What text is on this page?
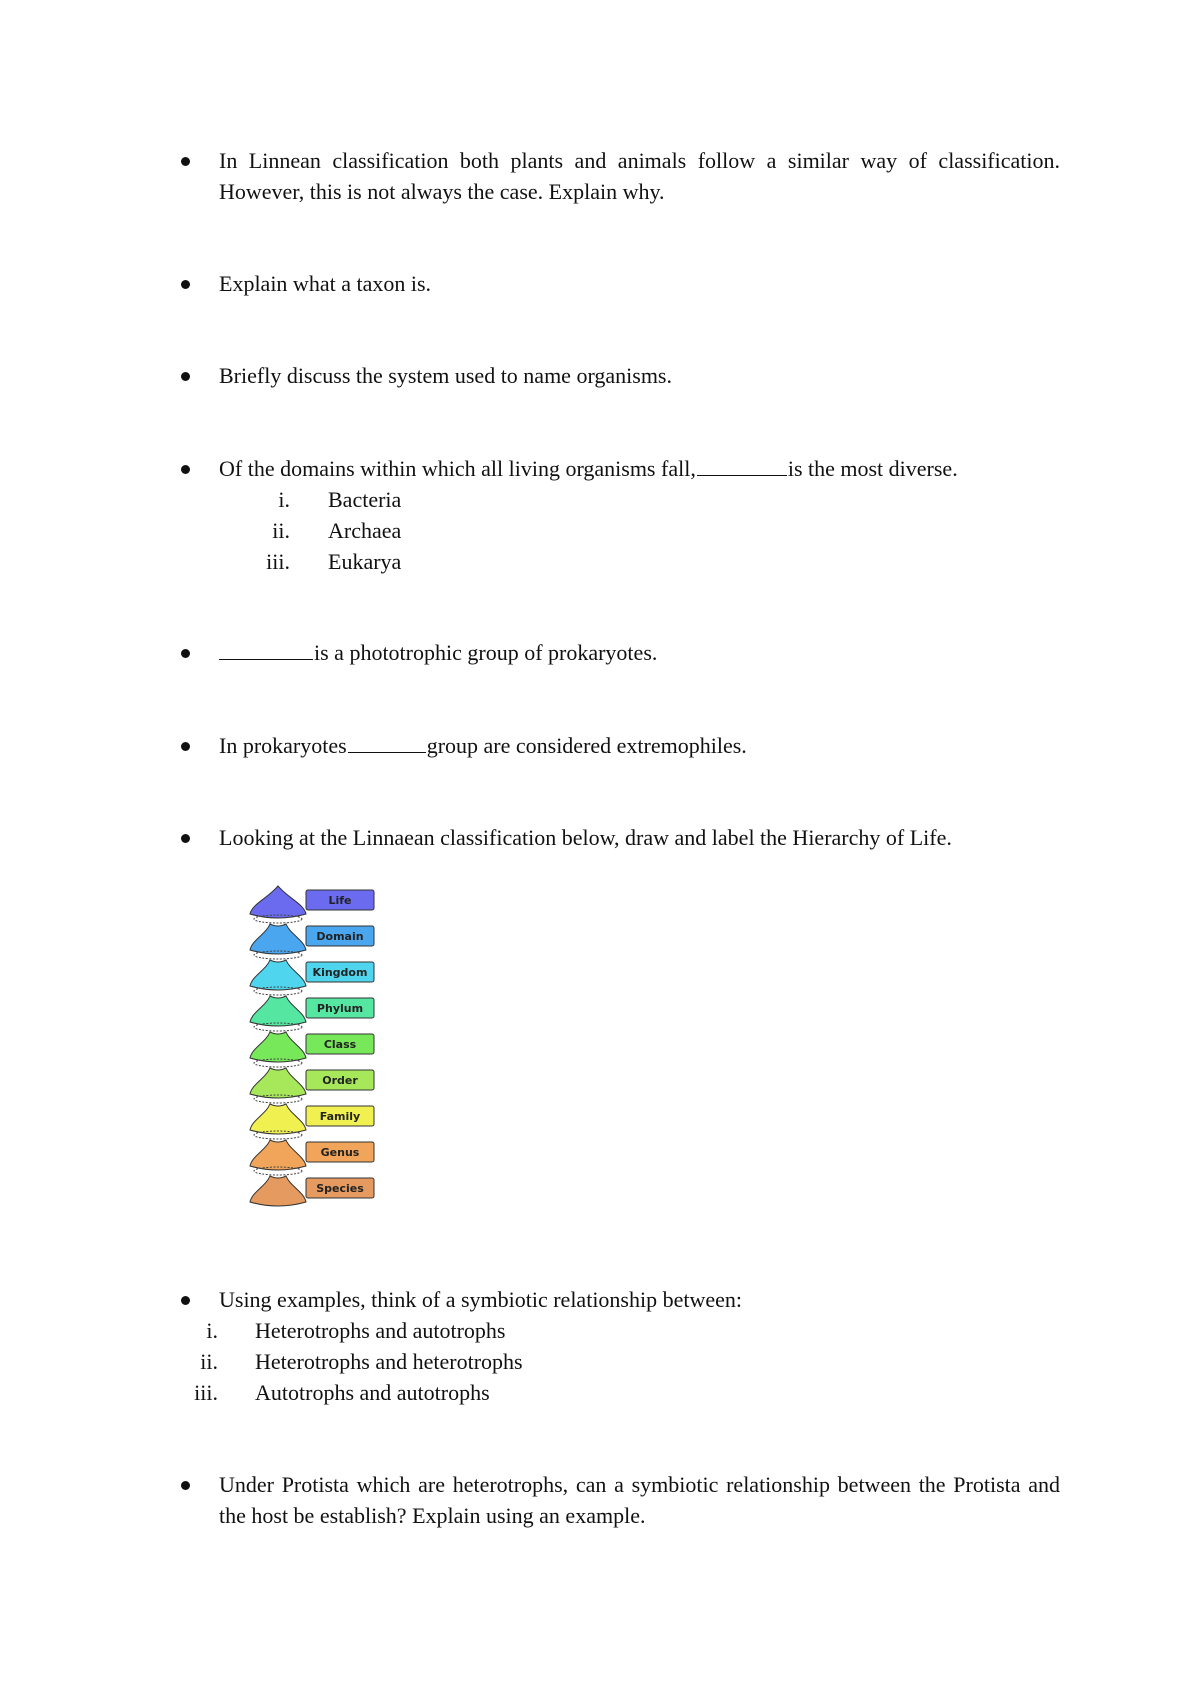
In Linnean classification both plants and animals follow a similar way of classification. However, this is not always the case. Explain why.
Explain what a taxon is.
Briefly discuss the system used to name organisms.
Of the domains within which all living organisms fall,	is the most diverse.
i. Bacteria
ii. Archaea
iii. Eukarya
is a phototrophic group of prokaryotes.
In prokaryotes	group are considered extremophiles.
Looking at the Linnaean classification below, draw and label the Hierarchy of Life.
Life
Domain
Kingdom
Phylum
Class
Order
Family
Genus
Species
Using examples, think of a symbiotic relationship between:
i. Heterotrophs and autotrophs
ii. Heterotrophs and heterotrophs
iii. Autotrophs and autotrophs
Under Protista which are heterotrophs, can a symbiotic relationship between the Protista and the host be establish? Explain using an example.
